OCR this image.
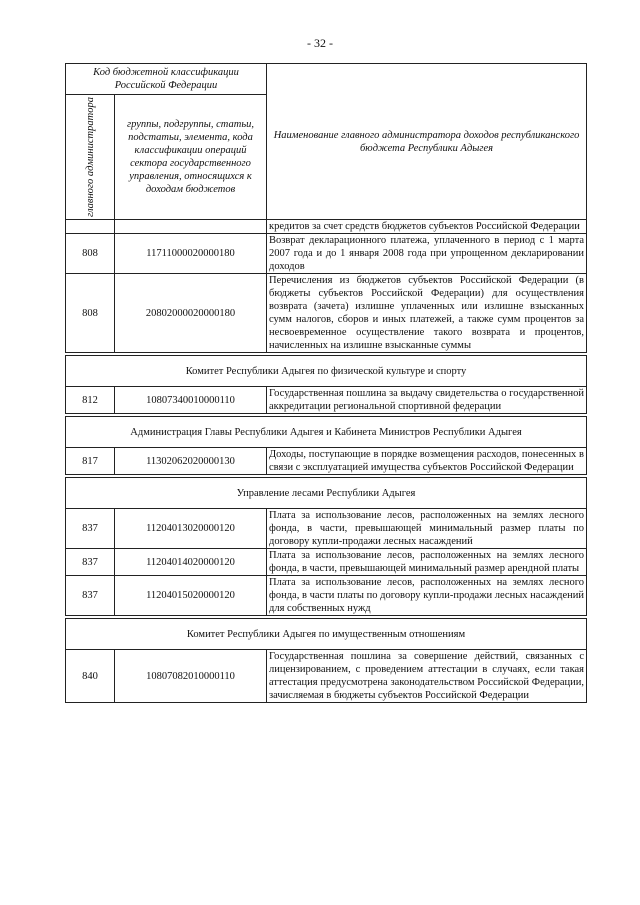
- 32 -
Код бюджетной классификации Российской Федерации		Наименование главного администратора доходов республиканского бюджета Республики Адыгея

главного администратора	группы, подгруппы, статьи, подстатьи, элемента, кода классификации операций сектора государственного управления, относящихся к доходам бюджетов	
		кредитов за счет средств бюджетов субъектов Российской Федерации
808	11711000020000180	Возврат декларационного платежа, уплаченного в период с 1 марта 2007 года и до 1 января 2008 года при упрощенном декларировании доходов
808	20802000020000180	Перечисления из бюджетов субъектов Российской Федерации (в бюджеты субъектов Российской Федерации) для осуществления возврата (зачета) излишне уплаченных или излишне взысканных сумм налогов, сборов и иных платежей, а также сумм процентов за несвоевременное осуществление такого возврата и процентов, начисленных на излишне взысканные суммы

Комитет Республики Адыгея по физической культуре и спорту		
812	10807340010000110	Государственная пошлина за выдачу свидетельства о государственной аккредитации региональной спортивной федерации

Администрация Главы Республики Адыгея и Кабинета Министров Республики Адыгея		
817	11302062020000130	Доходы, поступающие в порядке возмещения расходов, понесенных в связи с эксплуатацией имущества субъектов Российской Федерации

Управление лесами Республики Адыгея		
837	11204013020000120	Плата за использование лесов, расположенных на землях лесного фонда, в части, превышающей минимальный размер платы по договору купли-продажи лесных насаждений
837	11204014020000120	Плата за использование лесов, расположенных на землях лесного фонда, в части, превышающей минимальный размер арендной платы
837	11204015020000120	Плата за использование лесов, расположенных на землях лесного фонда, в части платы по договору купли-продажи лесных насаждений для собственных нужд

Комитет Республики Адыгея по имущественным отношениям		
840	10807082010000110	Государственная пошлина за совершение действий, связанных с лицензированием, с проведением аттестации в случаях, если такая аттестация предусмотрена законодательством Российской Федерации, зачисляемая в бюджеты субъектов Российской Федерации
